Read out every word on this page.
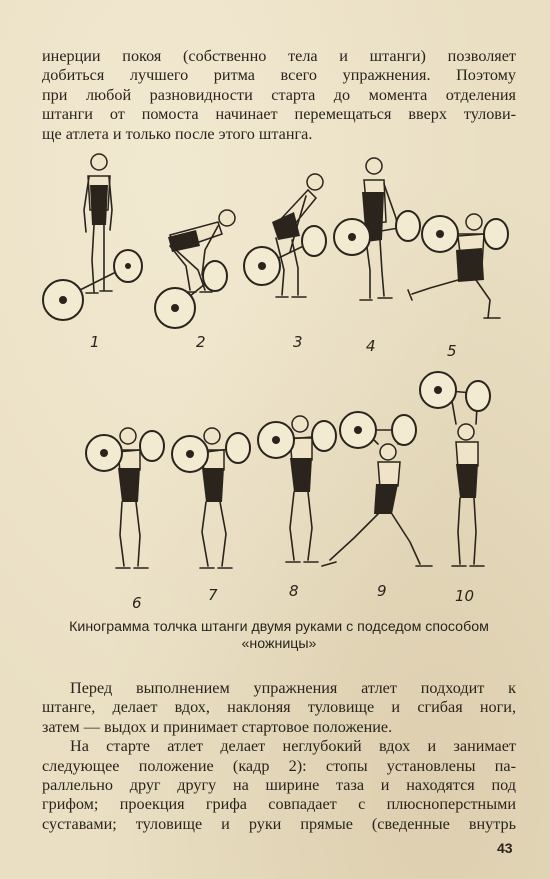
инерции покоя (собственно тела и штанги) позволяет
добиться лучшего ритма всего упражнения. Поэтому
при любой разновидности старта до момента отделения
штанги от помоста начинает перемещаться вверх тулови-
ще атлета и только после этого штанга.
1	2	3	4	5
6	7	8	9	10
Кинограмма толчка штанги двумя руками с подседом способом
«ножницы»
Перед выполнением упражнения атлет подходит к
штанге, делает вдох, наклоняя туловище и сгибая ноги,
затем — выдох и принимает стартовое положение.
На старте атлет делает неглубокий вдох и занимает
следующее положение (кадр 2): стопы установлены па-
раллельно друг другу на ширине таза и находятся под
грифом; проекция грифа совпадает с плюсноперстными
суставами; туловище и руки прямые (сведенные внутрь
43
